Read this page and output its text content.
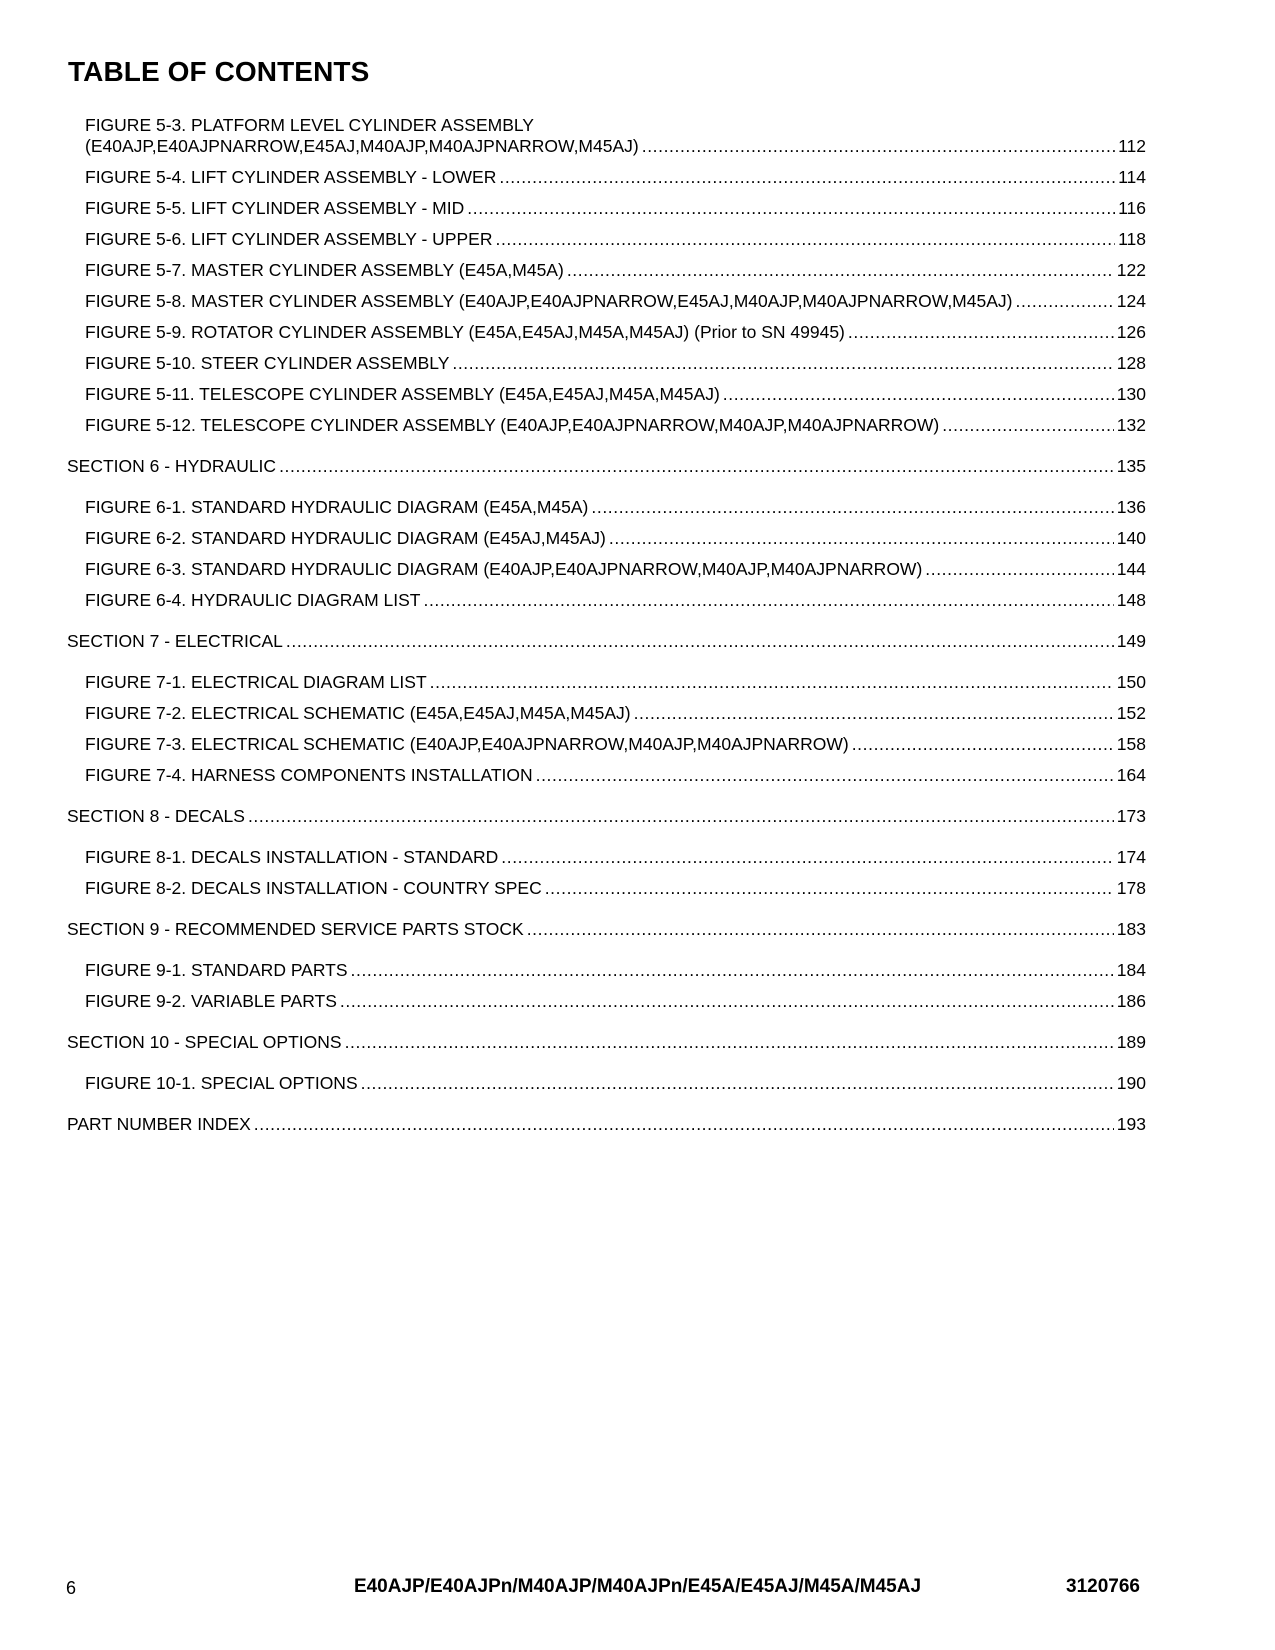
TABLE OF CONTENTS
FIGURE 5-3. PLATFORM LEVEL CYLINDER ASSEMBLY
(E40AJP,E40AJPNARROW,E45AJ,M40AJP,M40AJPNARROW,M45AJ) .....	112
FIGURE 5-4. LIFT CYLINDER ASSEMBLY - LOWER .....	114
FIGURE 5-5. LIFT CYLINDER ASSEMBLY - MID .....	116
FIGURE 5-6. LIFT CYLINDER ASSEMBLY - UPPER .....	118
FIGURE 5-7. MASTER CYLINDER ASSEMBLY (E45A,M45A) .....	122
FIGURE 5-8. MASTER CYLINDER ASSEMBLY (E40AJP,E40AJPNARROW,E45AJ,M40AJP,M40AJPNARROW,M45AJ) .....	124
FIGURE 5-9. ROTATOR CYLINDER ASSEMBLY (E45A,E45AJ,M45A,M45AJ) (Prior to SN 49945) .....	126
FIGURE 5-10. STEER CYLINDER ASSEMBLY .....	128
FIGURE 5-11. TELESCOPE CYLINDER ASSEMBLY (E45A,E45AJ,M45A,M45AJ) .....	130
FIGURE 5-12. TELESCOPE CYLINDER ASSEMBLY (E40AJP,E40AJPNARROW,M40AJP,M40AJPNARROW) .....	132
SECTION 6 - HYDRAULIC .....	135
FIGURE 6-1. STANDARD HYDRAULIC DIAGRAM (E45A,M45A) .....	136
FIGURE 6-2. STANDARD HYDRAULIC DIAGRAM (E45AJ,M45AJ) .....	140
FIGURE 6-3. STANDARD HYDRAULIC DIAGRAM (E40AJP,E40AJPNARROW,M40AJP,M40AJPNARROW) .....	144
FIGURE 6-4. HYDRAULIC DIAGRAM LIST .....	148
SECTION 7 - ELECTRICAL .....	149
FIGURE 7-1. ELECTRICAL DIAGRAM LIST .....	150
FIGURE 7-2. ELECTRICAL SCHEMATIC (E45A,E45AJ,M45A,M45AJ) .....	152
FIGURE 7-3. ELECTRICAL SCHEMATIC (E40AJP,E40AJPNARROW,M40AJP,M40AJPNARROW) .....	158
FIGURE 7-4. HARNESS COMPONENTS INSTALLATION .....	164
SECTION 8 - DECALS .....	173
FIGURE 8-1. DECALS INSTALLATION - STANDARD .....	174
FIGURE 8-2. DECALS INSTALLATION - COUNTRY SPEC .....	178
SECTION 9 - RECOMMENDED SERVICE PARTS STOCK .....	183
FIGURE 9-1. STANDARD PARTS .....	184
FIGURE 9-2. VARIABLE PARTS .....	186
SECTION 10 - SPECIAL OPTIONS .....	189
FIGURE 10-1. SPECIAL OPTIONS .....	190
PART NUMBER INDEX .....	193
6	E40AJP/E40AJPn/M40AJP/M40AJPn/E45A/E45AJ/M45A/M45AJ	3120766
